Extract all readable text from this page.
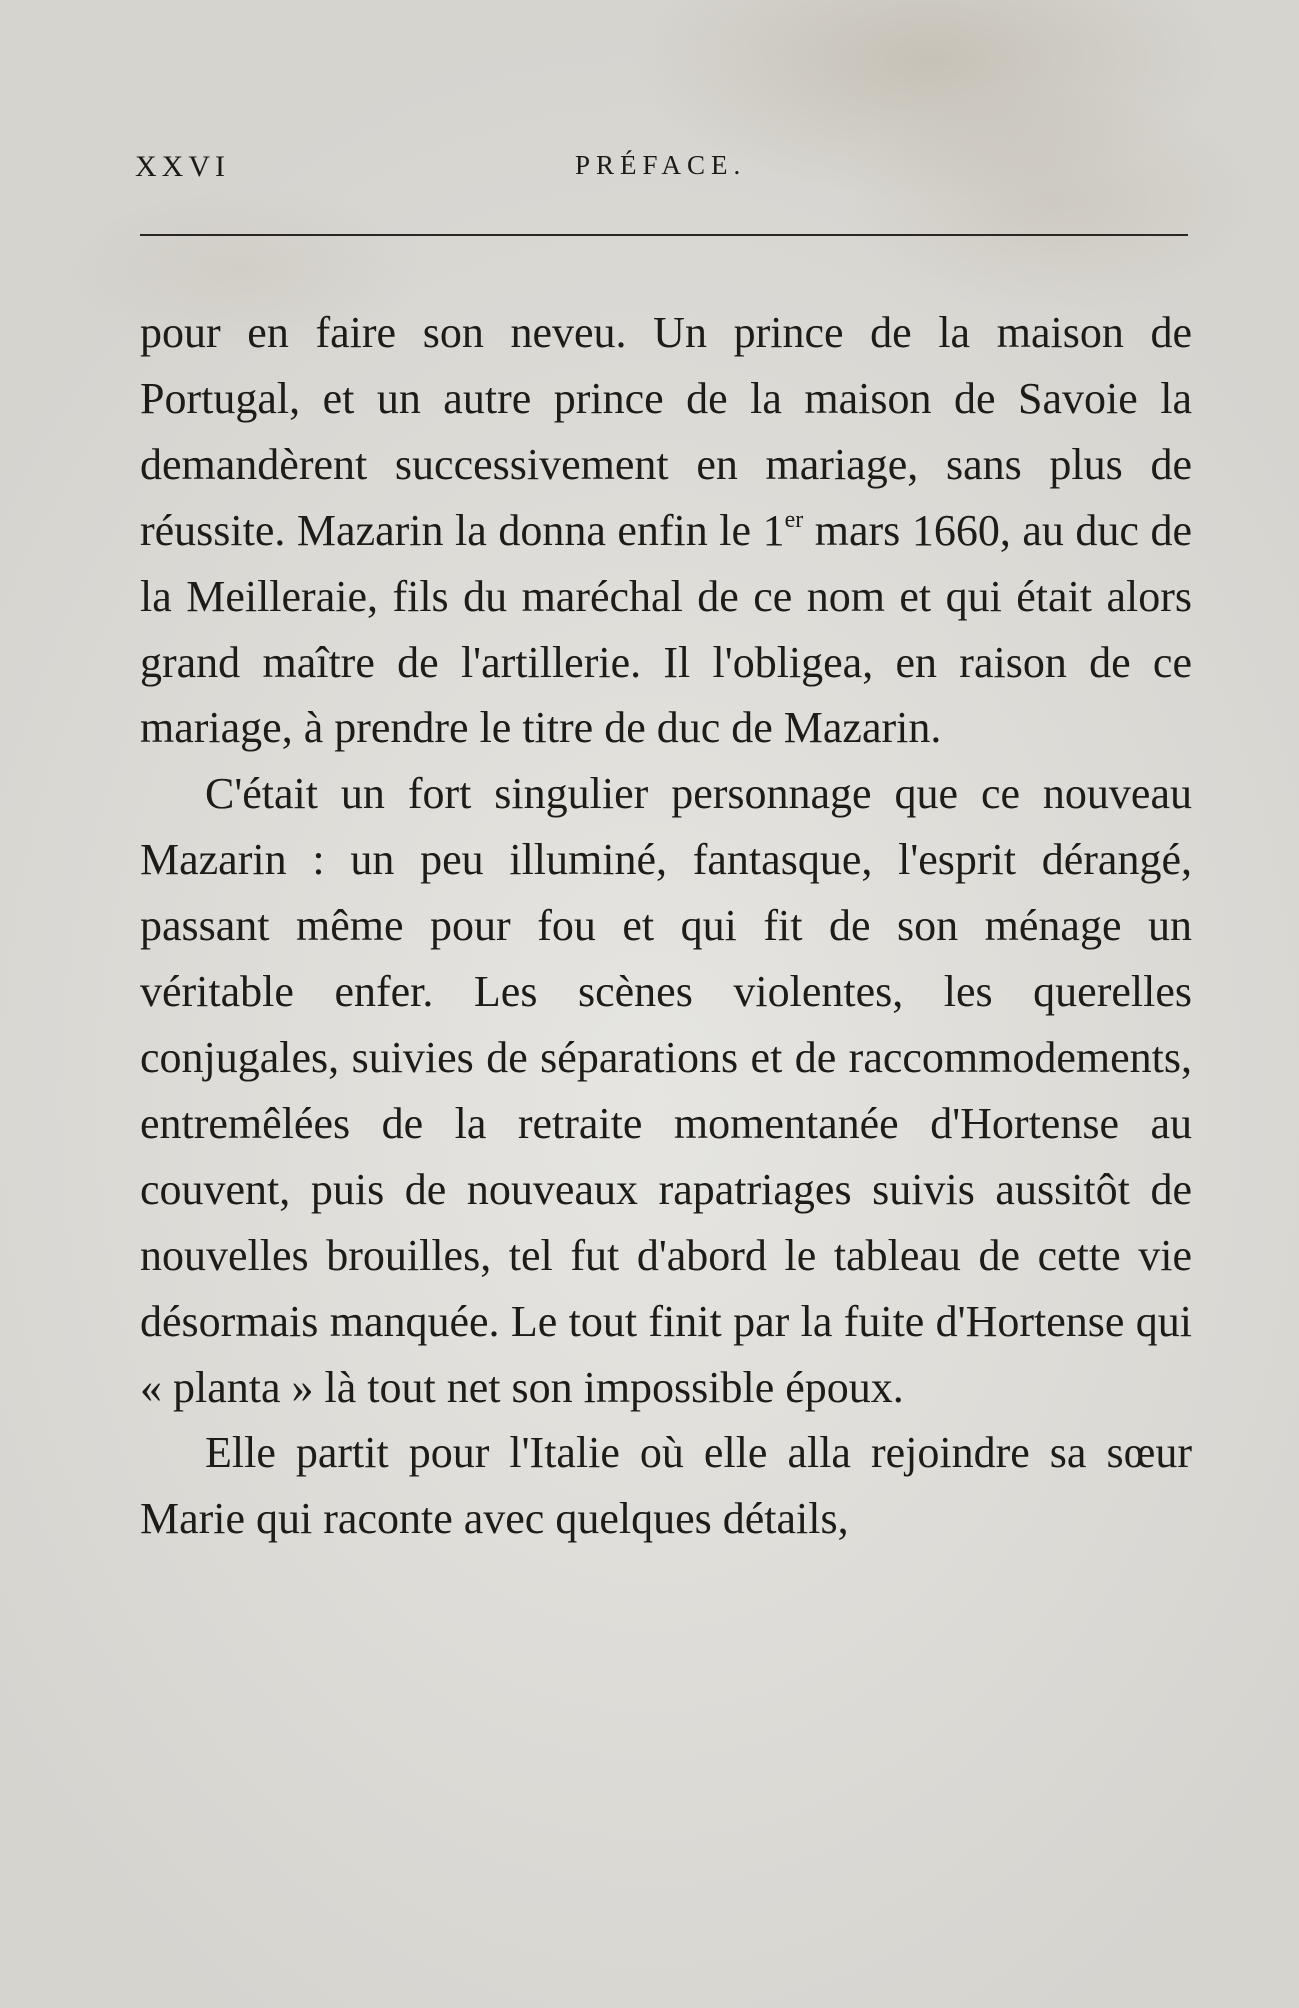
XXVI	PRÉFACE.

pour en faire son neveu. Un prince de la maison de Portugal, et un autre prince de la maison de Savoie la demandèrent successivement en mariage, sans plus de réussite. Mazarin la donna enfin le 1er mars 1660, au duc de la Meilleraie, fils du maréchal de ce nom et qui était alors grand maître de l'artillerie. Il l'obligea, en raison de ce mariage, à prendre le titre de duc de Mazarin.

C'était un fort singulier personnage que ce nouveau Mazarin : un peu illuminé, fantasque, l'esprit dérangé, passant même pour fou et qui fit de son ménage un véritable enfer. Les scènes violentes, les querelles conjugales, suivies de séparations et de raccommodements, entremêlées de la retraite momentanée d'Hortense au couvent, puis de nouveaux rapatriages suivis aussitôt de nouvelles brouilles, tel fut d'abord le tableau de cette vie désormais manquée. Le tout finit par la fuite d'Hortense qui « planta » là tout net son impossible époux.

Elle partit pour l'Italie où elle alla rejoindre sa sœur Marie qui raconte avec quelques détails,
